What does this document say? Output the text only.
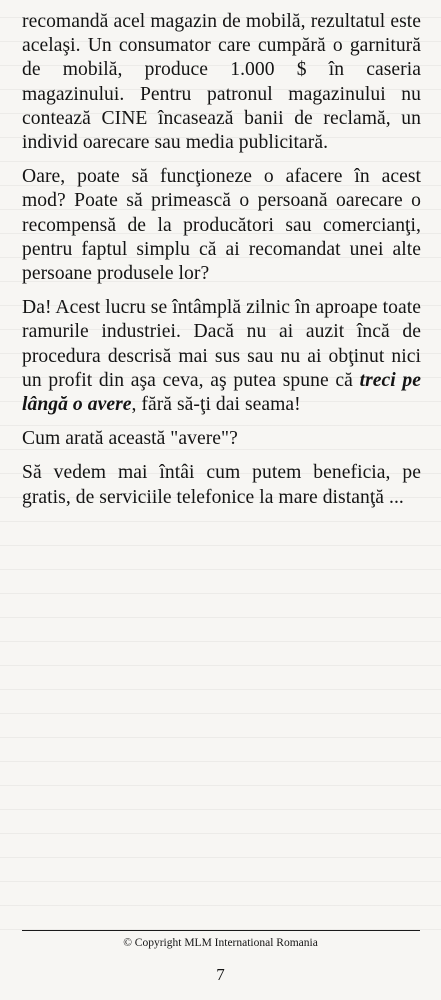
recomandă acel magazin de mobilă, rezultatul este acelaşi. Un consumator care cumpără o garnitură de mobilă, produce 1.000 $ în caseria magazinului. Pentru patronul magazinului nu contează CINE încasează banii de reclamă, un individ oarecare sau media publicitară.

Oare, poate să funcţioneze o afacere în acest mod? Poate să primească o persoană oarecare o recompensă de la producători sau comercianţi, pentru faptul simplu că ai recomandat unei alte persoane produsele lor?

Da! Acest lucru se întâmplă zilnic în aproape toate ramurile industriei. Dacă nu ai auzit încă de procedura descrisă mai sus sau nu ai obţinut nici un profit din aşa ceva, aş putea spune că treci pe lângă o avere, fără să-ţi dai seama!

Cum arată această "avere"?

Să vedem mai întâi cum putem beneficia, pe gratis, de serviciile telefonice la mare distanţă ...

© Copyright MLM International Romania
7
